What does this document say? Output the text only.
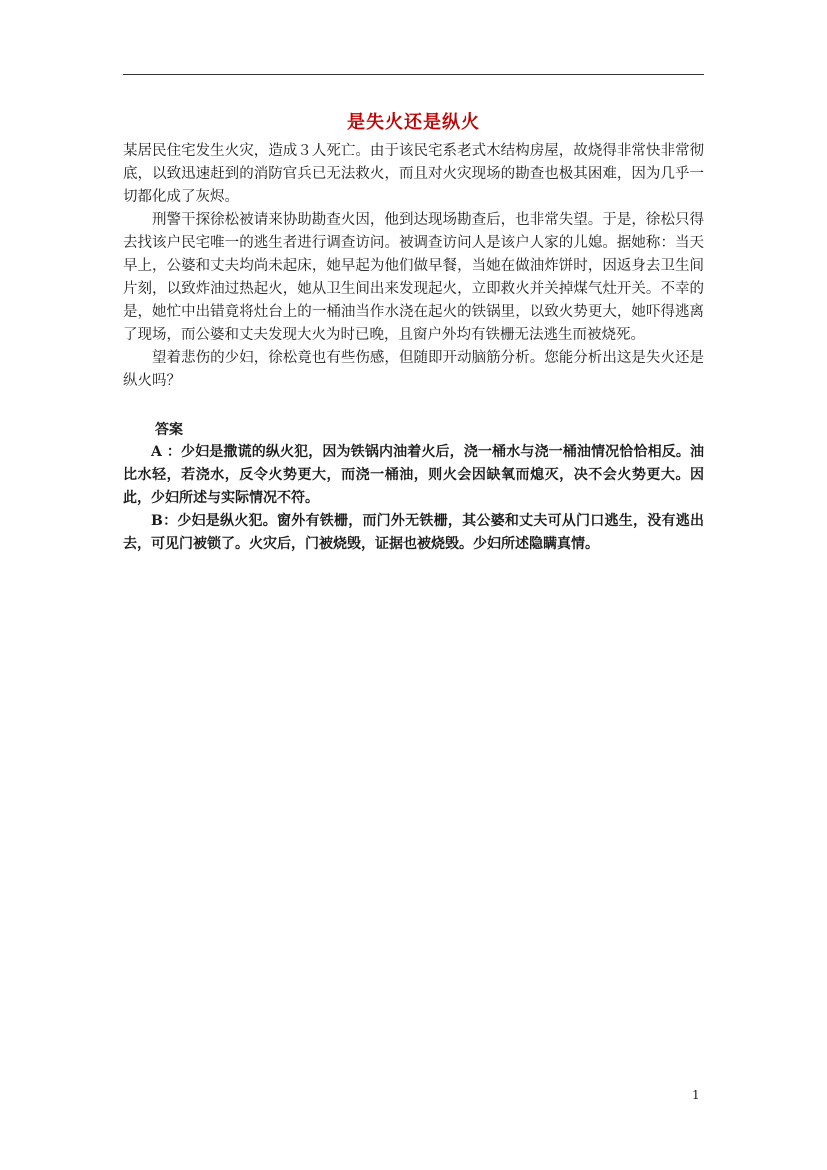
是失火还是纵火

某居民住宅发生火灾，造成３人死亡。由于该民宅系老式木结构房屋，故烧得非常快非常彻底，以致迅速赶到的消防官兵已无法救火，而且对火灾现场的勘查也极其困难，因为几乎一切都化成了灰烬。

刑警干探徐松被请来协助勘查火因，他到达现场勘查后，也非常失望。于是，徐松只得去找该户民宅唯一的逃生者进行调查访问。被调查访问人是该户人家的儿媳。据她称：当天早上，公婆和丈夫均尚未起床，她早起为他们做早餐，当她在做油炸饼时，因返身去卫生间片刻，以致炸油过热起火，她从卫生间出来发现起火，立即救火并关掉煤气灶开关。不幸的是，她忙中出错竟将灶台上的一桶油当作水浇在起火的铁锅里，以致火势更大，她吓得逃离了现场，而公婆和丈夫发现大火为时已晚，且窗户外均有铁栅无法逃生而被烧死。

望着悲伤的少妇，徐松竟也有些伤感，但随即开动脑筋分析。您能分析出这是失火还是纵火吗？

答案

A ：少妇是撒谎的纵火犯，因为铁锅内油着火后，浇一桶水与浇一桶油情况恰恰相反。油比水轻，若浇水，反令火势更大，而浇一桶油，则火会因缺氧而熄灭，决不会火势更大。因此，少妇所述与实际情况不符。

B：少妇是纵火犯。窗外有铁栅，而门外无铁栅，其公婆和丈夫可从门口逃生，没有逃出去，可见门被锁了。火灾后，门被烧毁，证据也被烧毁。少妇所述隐瞒真情。

1
